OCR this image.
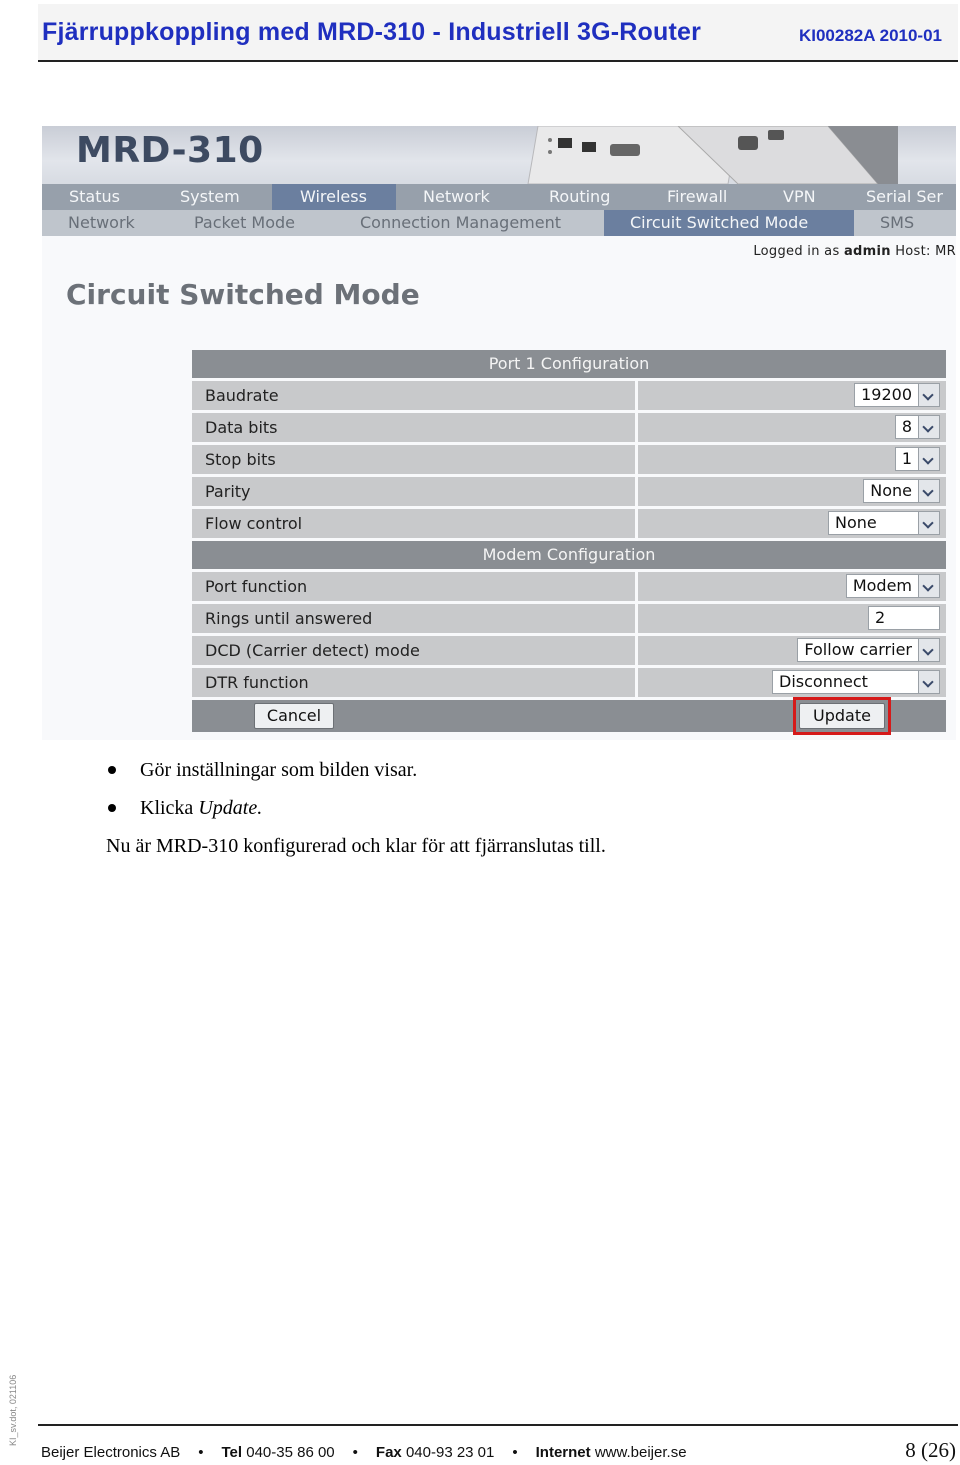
Fjärruppkoppling med MRD-310 - Industriell 3G-Router	KI00282A 2010-01
MRD-310
Status	System	Wireless	Network	Routing	Firewall	VPN	Serial Ser
Network	Packet Mode	Connection Management	Circuit Switched Mode	SMS
Logged in as admin Host: MR
Circuit Switched Mode
Port 1 Configuration
Baudrate	19200
Data bits	8
Stop bits	1
Parity	None
Flow control	None
Modem Configuration
Port function	Modem
Rings until answered	2
DCD (Carrier detect) mode	Follow carrier
DTR function	Disconnect
Cancel	Update
Gör inställningar som bilden visar.
Klicka Update.
Nu är MRD-310 konfigurerad och klar för att fjärranslutas till.
KI_sv.dot, 021106
Beijer Electronics AB • Tel 040-35 86 00 • Fax 040-93 23 01 • Internet www.beijer.se	8 (26)
